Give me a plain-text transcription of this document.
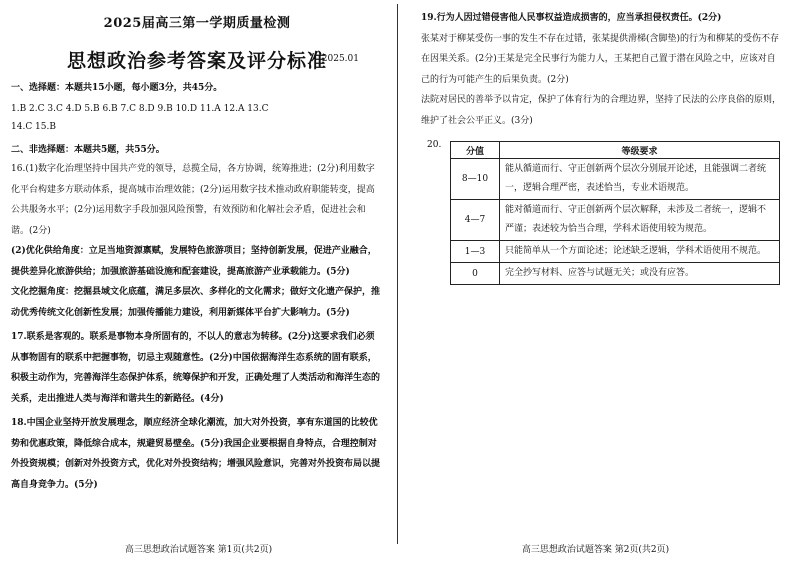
2025届高三第一学期质量检测
思想政治参考答案及评分标准
2025.01
一、选择题：本题共15小题，每小题3分，共45分。
1.B 2.C 3.C 4.D 5.B 6.B 7.C 8.D 9.B 10.D 11.A 12.A 13.C
14.C 15.B
二、非选择题：本题共5题，共55分。
16.(1)数字化治理坚持中国共产党的领导，总揽全局，各方协调，统筹推进；(2分)利用数字化平台构建多方联动体系，提高城市治理效能；(2分)运用数字技术推动政府职能转变，提高公共服务水平；(2分)运用数字手段加强风险预警，有效预防和化解社会矛盾，促进社会和谐。(2分)
(2)优化供给角度：立足当地资源禀赋，发展特色旅游项目；坚持创新发展，促进产业融合，提供差异化旅游供给；加强旅游基础设施和配套建设，提高旅游产业承载能力。(5分)
文化挖掘角度：挖掘县域文化底蕴，满足多层次、多样化的文化需求；做好文化遗产保护，推动优秀传统文化创新性发展；加强传播能力建设，利用新媒体平台扩大影响力。(5分)
17.联系是客观的。联系是事物本身所固有的，不以人的意志为转移。(2分)这要求我们必须从事物固有的联系中把握事物，切忌主观随意性。(2分)中国依据海洋生态系统的固有联系，积极主动作为，完善海洋生态保护体系，统筹保护和开发，正确处理了人类活动和海洋生态的关系，走出推进人类与海洋和谐共生的新路径。(4分)
18.中国企业坚持开放发展理念，顺应经济全球化潮流，加大对外投资，享有东道国的比较优势和优惠政策，降低综合成本，规避贸易壁垒。(5分)我国企业要根据自身特点，合理控制对外投资规模；创新对外投资方式，优化对外投资结构；增强风险意识，完善对外投资布局以提高自身竞争力。(5分)
高三思想政治试题答案 第1页(共2页)
19.行为人因过错侵害他人民事权益造成损害的，应当承担侵权责任。(2分)
张某对于柳某受伤一事的发生不存在过错，张某提供滑梯(含脚垫)的行为和柳某的受伤不存在因果关系。(2分)王某是完全民事行为能力人，王某把自己置于潜在风险之中，应该对自己的行为可能产生的后果负责。(2分)
法院对居民的善举予以肯定，保护了体育行为的合理边界，坚持了民法的公序良俗的原则，维护了社会公平正义。(3分)
20.
分值	等级要求
8—10	能从循道而行、守正创新两个层次分别展开论述，且能强调二者统一，逻辑合理严密，表述恰当，专业术语规范。
4—7	能对循道而行、守正创新两个层次解释，未涉及二者统一，逻辑不严谨；表述较为恰当合理，学科术语使用较为规范。
1—3	只能简单从一个方面论述；论述缺乏逻辑，学科术语使用不规范。
0	完全抄写材料、应答与试题无关；或没有应答。
高三思想政治试题答案 第2页(共2页)
